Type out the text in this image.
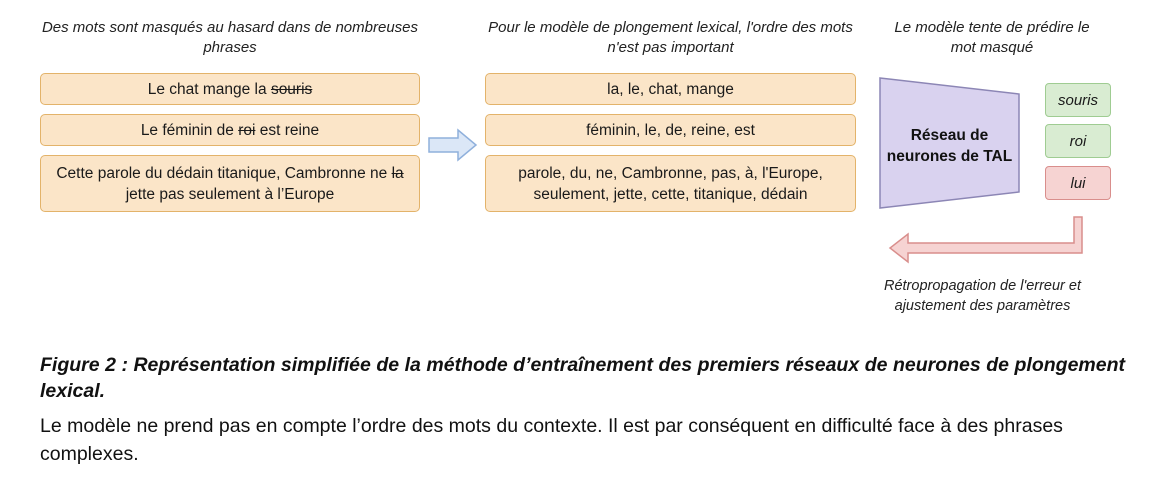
Des mots sont masqués au hasard dans de nombreuses phrases
Pour le modèle de plongement lexical, l'ordre des mots n'est pas important
Le modèle tente de prédire le mot masqué
Le chat mange la souris
Le féminin de roi est reine
Cette parole du dédain titanique, Cambronne ne la jette pas seulement à l’Europe
la, le, chat, mange
féminin, le, de, reine, est
parole, du, ne, Cambronne, pas, à, l'Europe, seulement, jette, cette, titanique, dédain
Réseau de neurones de TAL
souris
roi
lui
Rétropropagation de l'erreur et ajustement des paramètres
Figure 2 : Représentation simplifiée de la méthode d’entraînement des premiers réseaux de neurones de plongement lexical.
Le modèle ne prend pas en compte l’ordre des mots du contexte. Il est par conséquent en difficulté face à des phrases complexes.
